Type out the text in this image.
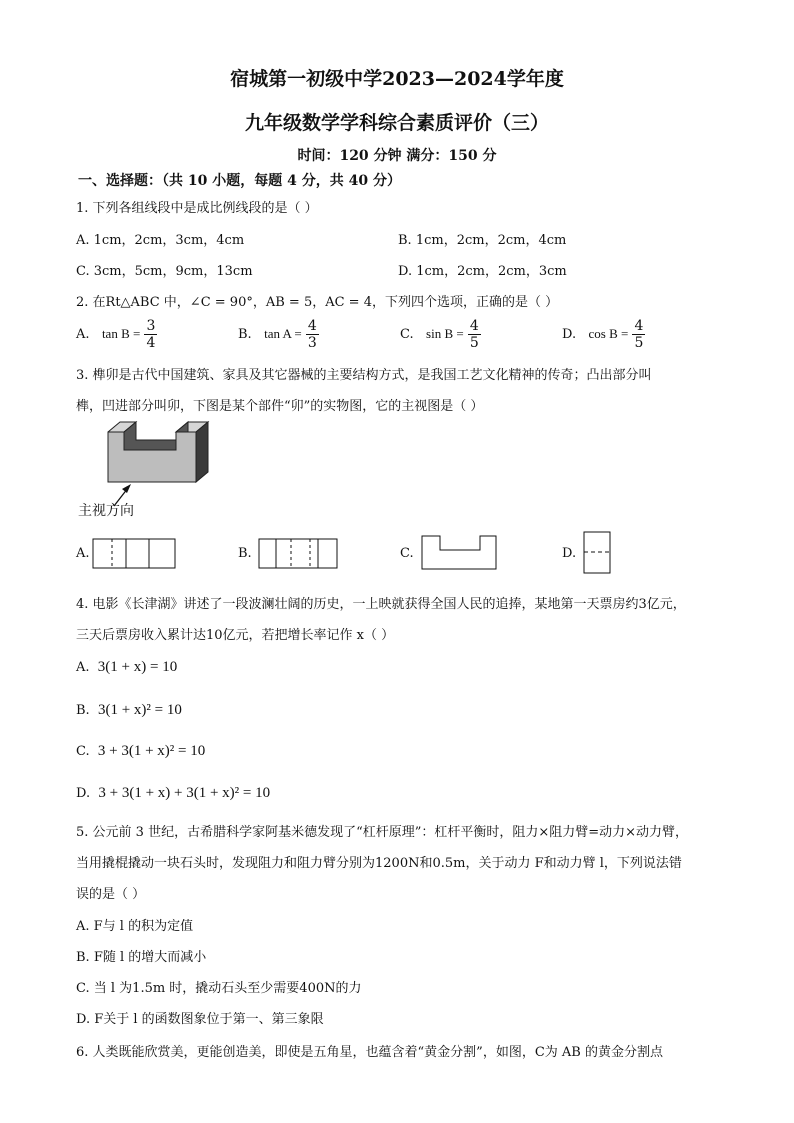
宿城第一初级中学2023—2024学年度
九年级数学学科综合素质评价（三）
时间：120 分钟 满分：150 分
一、选择题：（共 10 小题，每题 4 分，共 40 分）
1. 下列各组线段中是成比例线段的是（ ）
A. 1cm，2cm，3cm，4cm	B. 1cm，2cm，2cm，4cm
C. 3cm，5cm，9cm，13cm	D. 1cm，2cm，2cm，3cm
2. 在Rt△ABC 中，∠C = 90°，AB = 5，AC = 4，下列四个选项，正确的是（ ）
A. $\tan B = \frac{3}{4}$	B. $\tan A = \frac{4}{3}$	C. $\sin B = \frac{4}{5}$	D. $\cos B = \frac{4}{5}$
3. 榫卯是古代中国建筑、家具及其它器械的主要结构方式，是我国工艺文化精神的传奇；凸出部分叫
榫，凹进部分叫卯，下图是某个部件“卯”的实物图，它的主视图是（ ）
主视方向
A.	B.	C.	D.
4. 电影《长津湖》讲述了一段波澜壮阔的历史，一上映就获得全国人民的追捧，某地第一天票房约3亿元，
三天后票房收入累计达10亿元，若把增长率记作 x（ ）
A. 3(1 + x) = 10
B. 3(1 + x)² = 10
C. 3 + 3(1 + x)² = 10
D. 3 + 3(1 + x) + 3(1 + x)² = 10
5. 公元前 3 世纪，古希腊科学家阿基米德发现了“杠杆原理”：杠杆平衡时，阻力×阻力臂=动力×动力臂，
当用撬棍撬动一块石头时，发现阻力和阻力臂分别为1200N和0.5m，关于动力 F和动力臂 l，下列说法错
误的是（ ）
A. F与 l 的积为定值
B. F随 l 的增大而减小
C. 当 l 为1.5m 时，撬动石头至少需要400N的力
D. F关于 l 的函数图象位于第一、第三象限
6. 人类既能欣赏美，更能创造美，即使是五角星，也蕴含着“黄金分割”，如图，C为 AB 的黄金分割点
